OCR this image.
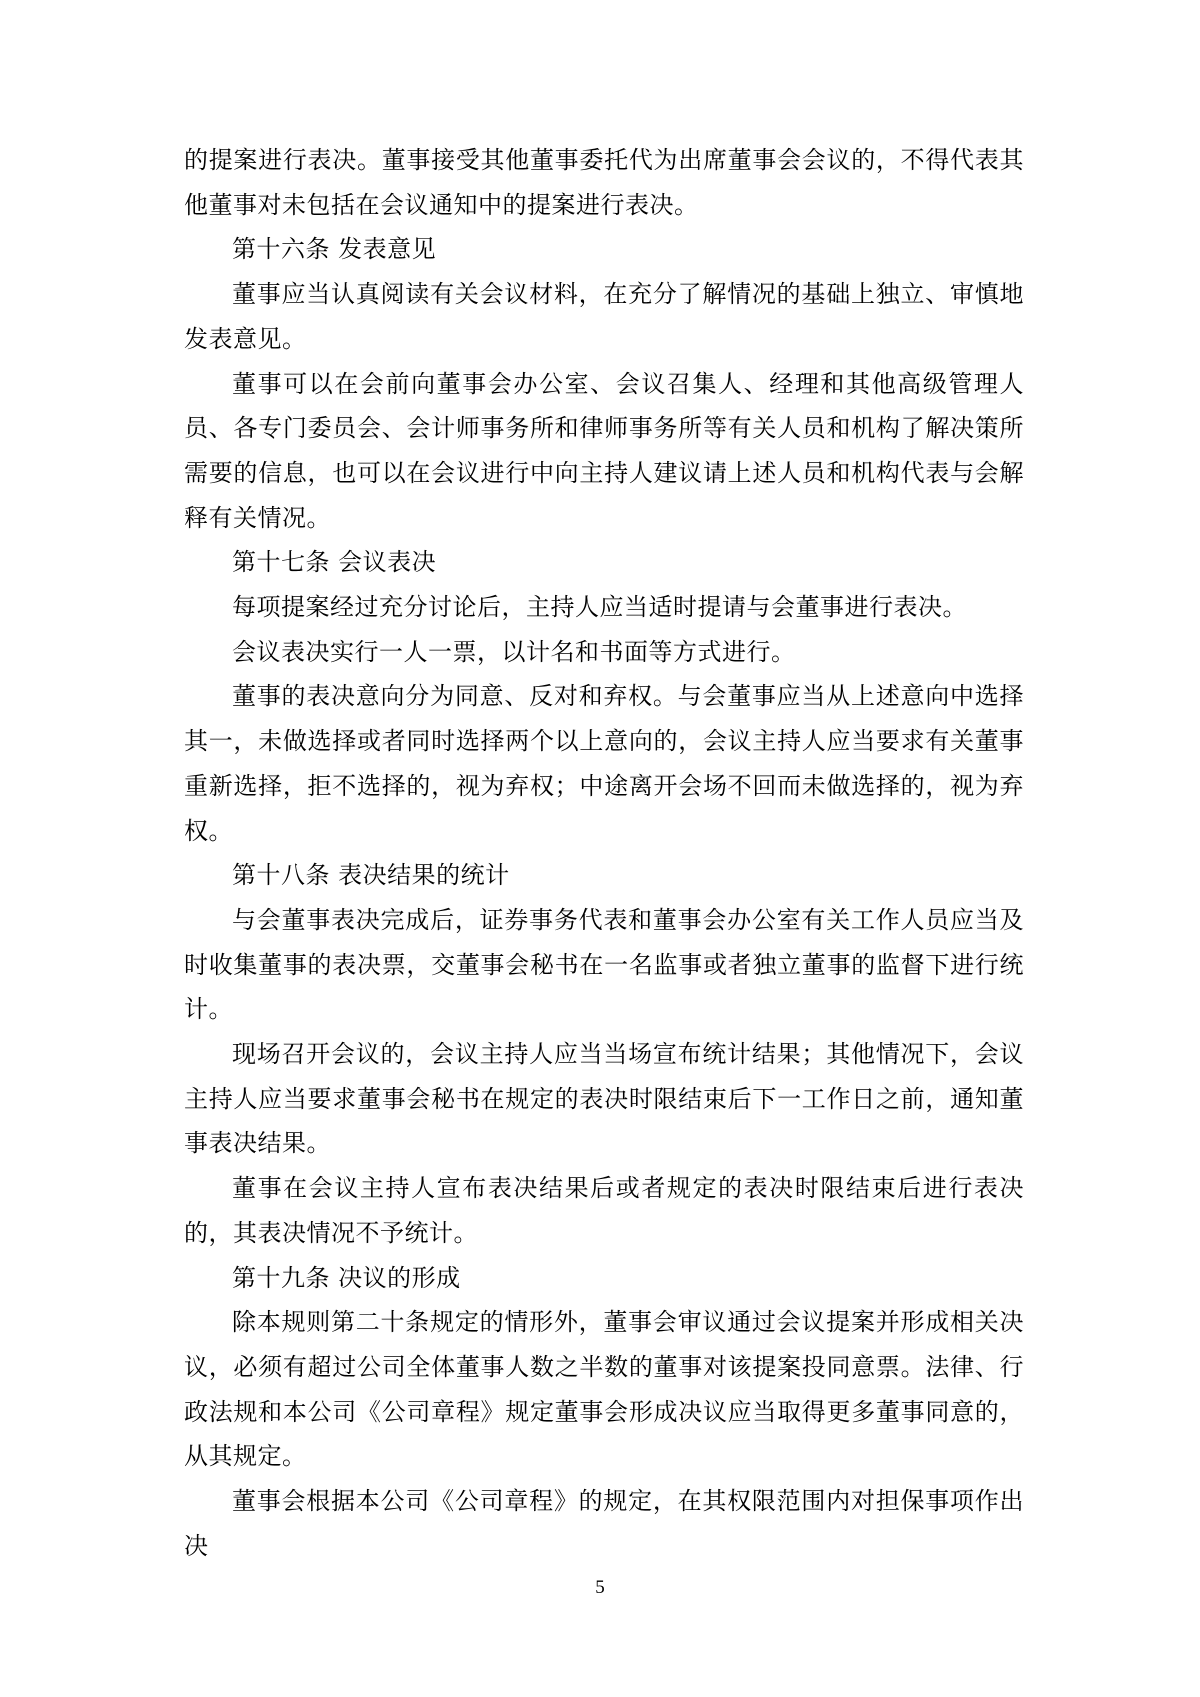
的提案进行表决。董事接受其他董事委托代为出席董事会会议的，不得代表其他董事对未包括在会议通知中的提案进行表决。

第十六条 发表意见

董事应当认真阅读有关会议材料，在充分了解情况的基础上独立、审慎地发表意见。

董事可以在会前向董事会办公室、会议召集人、经理和其他高级管理人员、各专门委员会、会计师事务所和律师事务所等有关人员和机构了解决策所需要的信息，也可以在会议进行中向主持人建议请上述人员和机构代表与会解释有关情况。

第十七条 会议表决

每项提案经过充分讨论后，主持人应当适时提请与会董事进行表决。

会议表决实行一人一票，以计名和书面等方式进行。

董事的表决意向分为同意、反对和弃权。与会董事应当从上述意向中选择其一，未做选择或者同时选择两个以上意向的，会议主持人应当要求有关董事重新选择，拒不选择的，视为弃权；中途离开会场不回而未做选择的，视为弃权。

第十八条 表决结果的统计

与会董事表决完成后，证券事务代表和董事会办公室有关工作人员应当及时收集董事的表决票，交董事会秘书在一名监事或者独立董事的监督下进行统计。

现场召开会议的，会议主持人应当当场宣布统计结果；其他情况下，会议主持人应当要求董事会秘书在规定的表决时限结束后下一工作日之前，通知董事表决结果。

董事在会议主持人宣布表决结果后或者规定的表决时限结束后进行表决的，其表决情况不予统计。

第十九条 决议的形成

除本规则第二十条规定的情形外，董事会审议通过会议提案并形成相关决议，必须有超过公司全体董事人数之半数的董事对该提案投同意票。法律、行政法规和本公司《公司章程》规定董事会形成决议应当取得更多董事同意的，从其规定。

董事会根据本公司《公司章程》的规定，在其权限范围内对担保事项作出决

5
